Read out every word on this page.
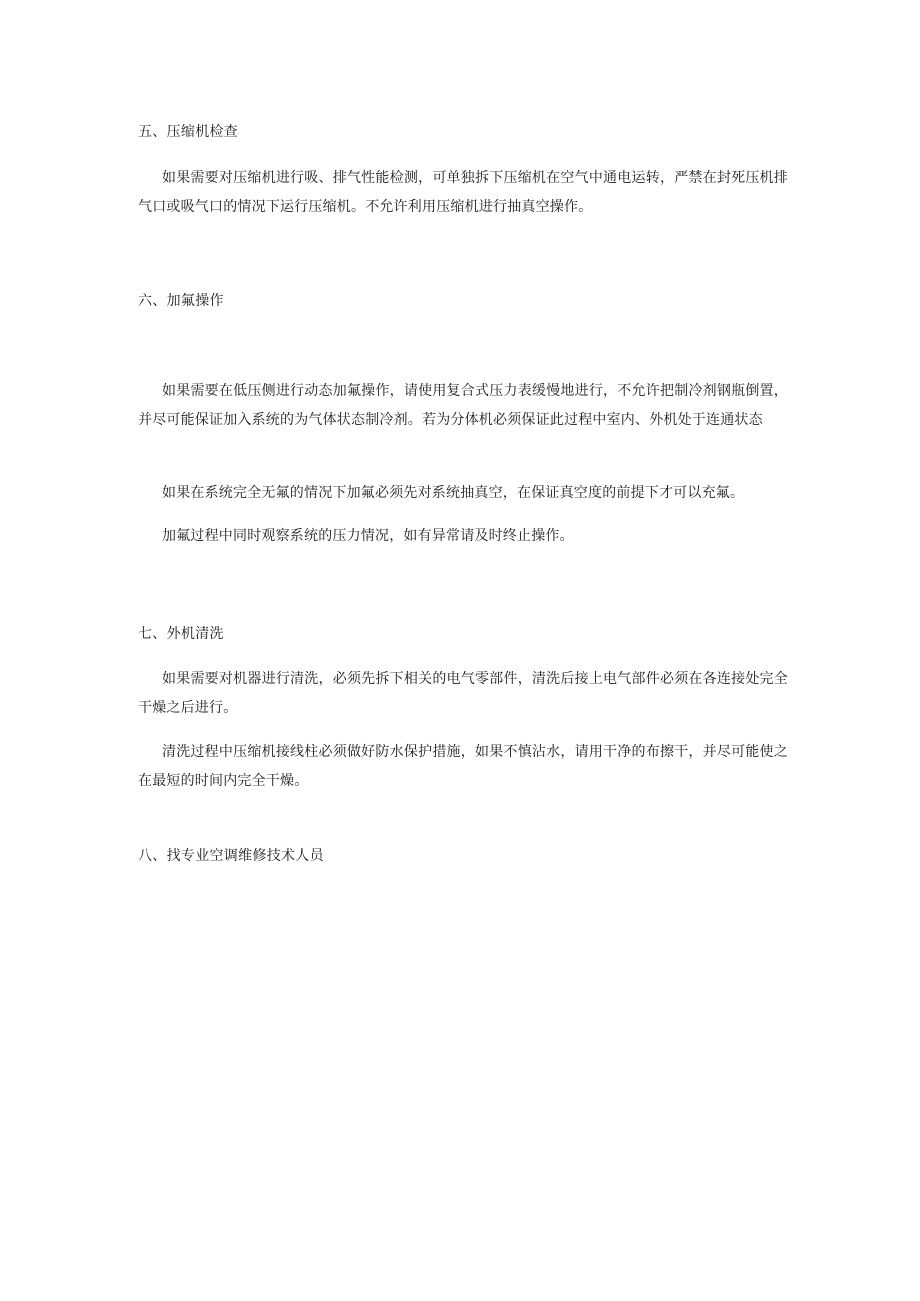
五、压缩机检查
如果需要对压缩机进行吸、排气性能检测，可单独拆下压缩机在空气中通电运转，严禁在封死压机排气口或吸气口的情况下运行压缩机。不允许利用压缩机进行抽真空操作。
六、加氟操作
如果需要在低压侧进行动态加氟操作，请使用复合式压力表缓慢地进行，不允许把制冷剂钢瓶倒置，并尽可能保证加入系统的为气体状态制冷剂。若为分体机必须保证此过程中室内、外机处于连通状态
如果在系统完全无氟的情况下加氟必须先对系统抽真空，在保证真空度的前提下才可以充氟。
加氟过程中同时观察系统的压力情况，如有异常请及时终止操作。
七、外机清洗
如果需要对机器进行清洗，必须先拆下相关的电气零部件，清洗后接上电气部件必须在各连接处完全干燥之后进行。
清洗过程中压缩机接线柱必须做好防水保护措施，如果不慎沾水，请用干净的布擦干，并尽可能使之在最短的时间内完全干燥。
八、找专业空调维修技术人员
